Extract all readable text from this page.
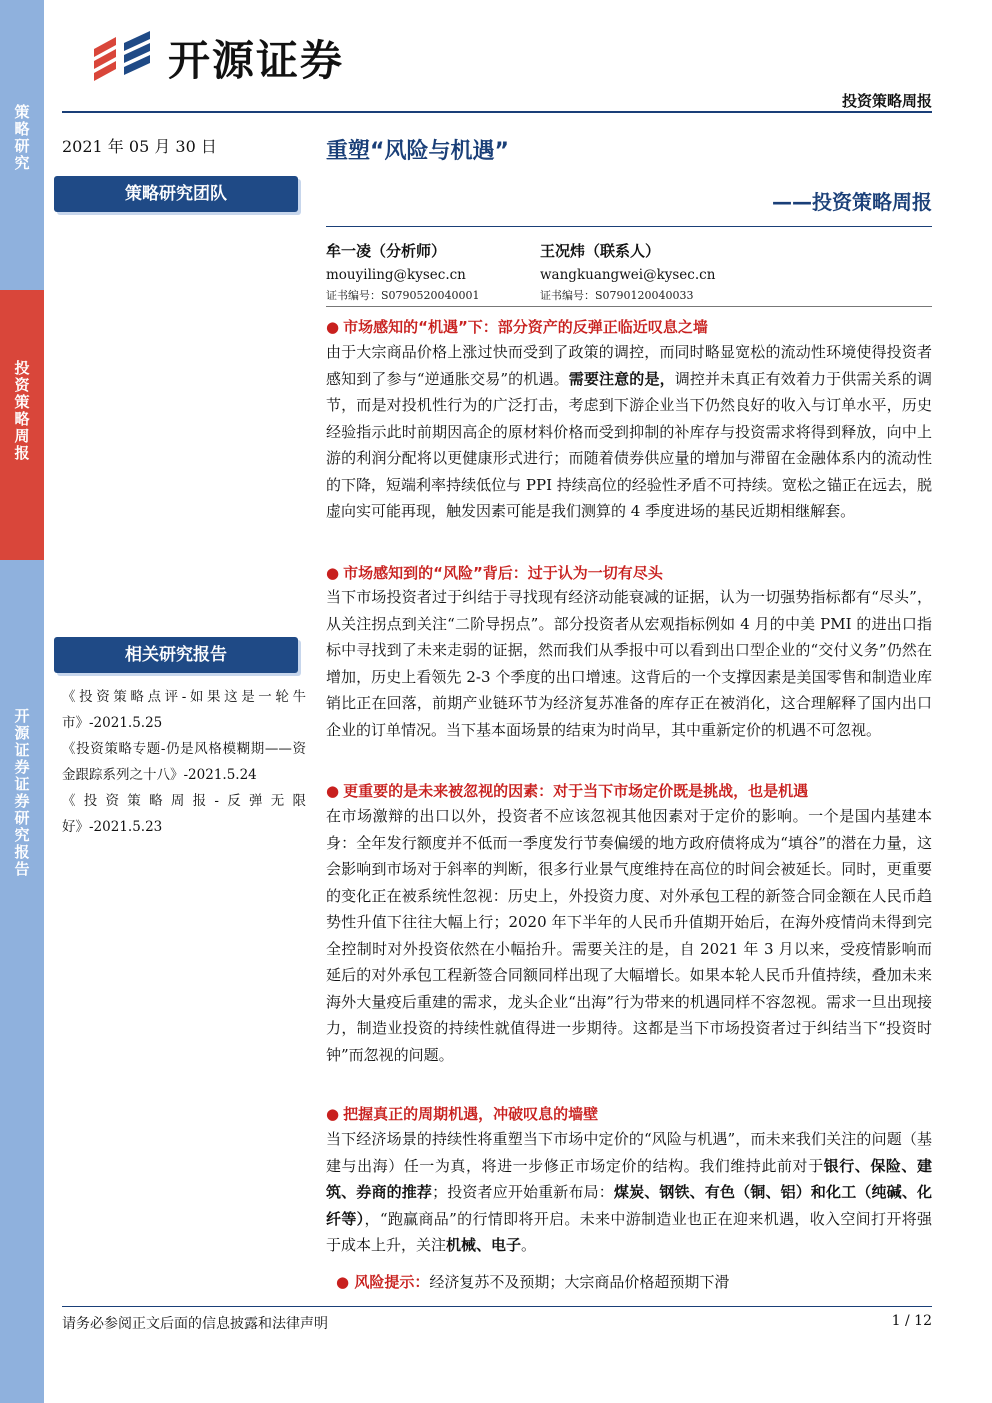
策略研究
投资策略周报
开源证券 证券研究报告
开源证券
投资策略周报
2021 年 05 月 30 日
策略研究团队
相关研究报告
《投资策略点评-如果这是一轮牛市》-2021.5.25
《投资策略专题-仍是风格模糊期——资金跟踪系列之十八》-2021.5.24
《投资策略周报-反弹无限好》-2021.5.23
重塑“风险与机遇”
——投资策略周报
牟一凌（分析师）
mouyiling@kysec.cn
证书编号：S0790520040001
王况炜（联系人）
wangkuangwei@kysec.cn
证书编号：S0790120040033
● 市场感知的“机遇”下：部分资产的反弹正临近叹息之墙
由于大宗商品价格上涨过快而受到了政策的调控，而同时略显宽松的流动性环境使得投资者感知到了参与“逆通胀交易”的机遇。需要注意的是，调控并未真正有效着力于供需关系的调节，而是对投机性行为的广泛打击，考虑到下游企业当下仍然良好的收入与订单水平，历史经验指示此时前期因高企的原材料价格而受到抑制的补库存与投资需求将得到释放，向中上游的利润分配将以更健康形式进行；而随着债券供应量的增加与滞留在金融体系内的流动性的下降，短端利率持续低位与 PPI 持续高位的经验性矛盾不可持续。宽松之锚正在远去，脱虚向实可能再现，触发因素可能是我们测算的 4 季度进场的基民近期相继解套。
● 市场感知到的“风险”背后：过于认为一切有尽头
当下市场投资者过于纠结于寻找现有经济动能衰减的证据，认为一切强势指标都有“尽头”，从关注拐点到关注“二阶导拐点”。部分投资者从宏观指标例如 4 月的中美 PMI 的进出口指标中寻找到了未来走弱的证据，然而我们从季报中可以看到出口型企业的“交付义务”仍然在增加，历史上看领先 2-3 个季度的出口增速。这背后的一个支撑因素是美国零售和制造业库销比正在回落，前期产业链环节为经济复苏准备的库存正在被消化，这合理解释了国内出口企业的订单情况。当下基本面场景的结束为时尚早，其中重新定价的机遇不可忽视。
● 更重要的是未来被忽视的因素：对于当下市场定价既是挑战，也是机遇
在市场激辩的出口以外，投资者不应该忽视其他因素对于定价的影响。一个是国内基建本身：全年发行额度并不低而一季度发行节奏偏缓的地方政府债将成为“填谷”的潜在力量，这会影响到市场对于斜率的判断，很多行业景气度维持在高位的时间会被延长。同时，更重要的变化正在被系统性忽视：历史上，外投资力度、对外承包工程的新签合同金额在人民币趋势性升值下往往大幅上行；2020 年下半年的人民币升值期开始后，在海外疫情尚未得到完全控制时对外投资依然在小幅抬升。需要关注的是，自 2021 年 3 月以来，受疫情影响而延后的对外承包工程新签合同额同样出现了大幅增长。如果本轮人民币升值持续，叠加未来海外大量疫后重建的需求，龙头企业“出海”行为带来的机遇同样不容忽视。需求一旦出现接力，制造业投资的持续性就值得进一步期待。这都是当下市场投资者过于纠结当下“投资时钟”而忽视的问题。
● 把握真正的周期机遇，冲破叹息的墙壁
当下经济场景的持续性将重塑当下市场中定价的“风险与机遇”，而未来我们关注的问题（基建与出海）任一为真，将进一步修正市场定价的结构。我们维持此前对于银行、保险、建筑、券商的推荐；投资者应开始重新布局：煤炭、钢铁、有色（铜、铝）和化工（纯碱、化纤等），“跑赢商品”的行情即将开启。未来中游制造业也正在迎来机遇，收入空间打开将强于成本上升，关注机械、电子。
● 风险提示：经济复苏不及预期；大宗商品价格超预期下滑
请务必参阅正文后面的信息披露和法律声明	1 / 12
